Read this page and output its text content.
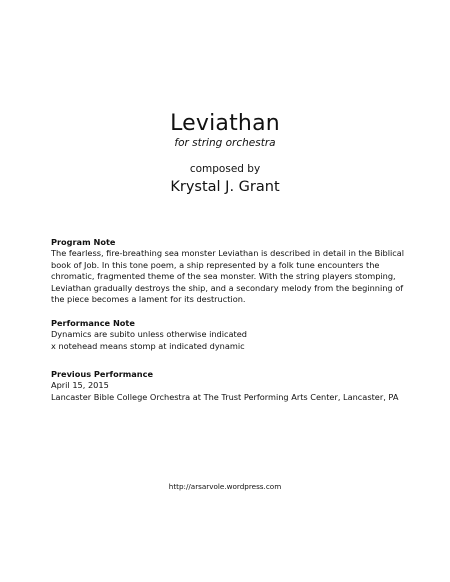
Leviathan
for string orchestra
composed by
Krystal J. Grant
Program Note
The fearless, fire-breathing sea monster Leviathan is described in detail in the Biblical
book of Job. In this tone poem, a ship represented by a folk tune encounters the
chromatic, fragmented theme of the sea monster. With the string players stomping,
Leviathan gradually destroys the ship, and a secondary melody from the beginning of
the piece becomes a lament for its destruction.
Performance Note
Dynamics are subito unless otherwise indicated
x notehead means stomp at indicated dynamic
Previous Performance
April 15, 2015
Lancaster Bible College Orchestra at The Trust Performing Arts Center, Lancaster, PA
http://arsarvole.wordpress.com
